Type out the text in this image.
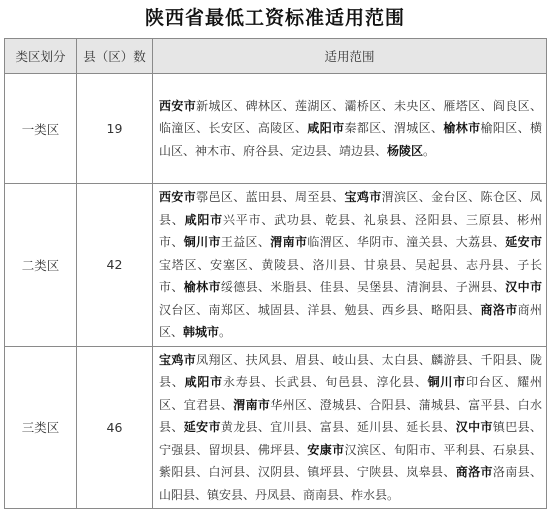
陕西省最低工资标准适用范围
类区划分	县（区）数	适用范围
一类区	19	西安市新城区、碑林区、莲湖区、灞桥区、未央区、雁塔区、阎良区、临潼区、长安区、高陵区、咸阳市秦都区、渭城区、榆林市榆阳区、横山区、神木市、府谷县、定边县、靖边县、杨陵区。
二类区	42	西安市鄠邑区、蓝田县、周至县、宝鸡市渭滨区、金台区、陈仓区、凤县、咸阳市兴平市、武功县、乾县、礼泉县、泾阳县、三原县、彬州市、铜川市王益区、渭南市临渭区、华阴市、潼关县、大荔县、延安市宝塔区、安塞区、黄陵县、洛川县、甘泉县、吴起县、志丹县、子长市、榆林市绥德县、米脂县、佳县、吴堡县、清涧县、子洲县、汉中市汉台区、南郑区、城固县、洋县、勉县、西乡县、略阳县、商洛市商州区、韩城市。
三类区	46	宝鸡市凤翔区、扶风县、眉县、岐山县、太白县、麟游县、千阳县、陇县、咸阳市永寿县、长武县、旬邑县、淳化县、铜川市印台区、耀州区、宜君县、渭南市华州区、澄城县、合阳县、蒲城县、富平县、白水县、延安市黄龙县、宜川县、富县、延川县、延长县、汉中市镇巴县、宁强县、留坝县、佛坪县、安康市汉滨区、旬阳市、平利县、石泉县、紫阳县、白河县、汉阴县、镇坪县、宁陕县、岚皋县、商洛市洛南县、山阳县、镇安县、丹凤县、商南县、柞水县。
